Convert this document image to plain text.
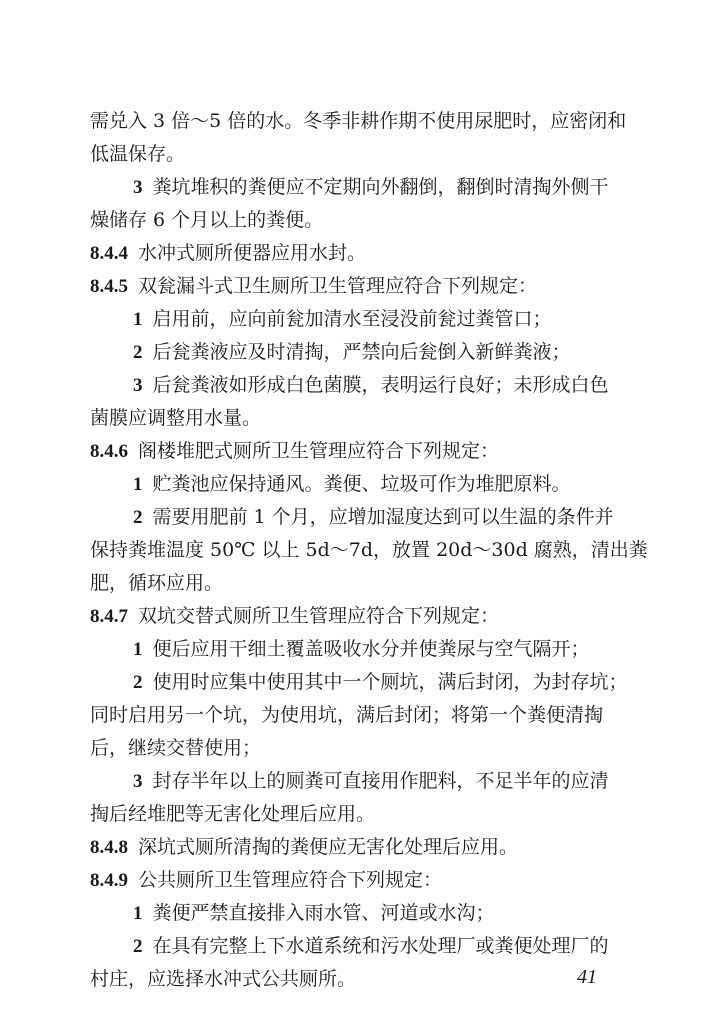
需兑入 3 倍～5 倍的水。冬季非耕作期不使用尿肥时，应密闭和
低温保存。
3 粪坑堆积的粪便应不定期向外翻倒，翻倒时清掏外侧干
燥储存 6 个月以上的粪便。
8.4.4 水冲式厕所便器应用水封。
8.4.5 双瓮漏斗式卫生厕所卫生管理应符合下列规定：
1 启用前，应向前瓮加清水至浸没前瓮过粪管口；
2 后瓮粪液应及时清掏，严禁向后瓮倒入新鲜粪液；
3 后瓮粪液如形成白色菌膜，表明运行良好；未形成白色
菌膜应调整用水量。
8.4.6 阁楼堆肥式厕所卫生管理应符合下列规定：
1 贮粪池应保持通风。粪便、垃圾可作为堆肥原料。
2 需要用肥前 1 个月，应增加湿度达到可以生温的条件并
保持粪堆温度 50℃ 以上 5d～7d，放置 20d～30d 腐熟，清出粪
肥，循环应用。
8.4.7 双坑交替式厕所卫生管理应符合下列规定：
1 便后应用干细土覆盖吸收水分并使粪尿与空气隔开；
2 使用时应集中使用其中一个厕坑，满后封闭，为封存坑；
同时启用另一个坑，为使用坑，满后封闭；将第一个粪便清掏
后，继续交替使用；
3 封存半年以上的厕粪可直接用作肥料，不足半年的应清
掏后经堆肥等无害化处理后应用。
8.4.8 深坑式厕所清掏的粪便应无害化处理后应用。
8.4.9 公共厕所卫生管理应符合下列规定：
1 粪便严禁直接排入雨水管、河道或水沟；
2 在具有完整上下水道系统和污水处理厂或粪便处理厂的
村庄，应选择水冲式公共厕所。	41
